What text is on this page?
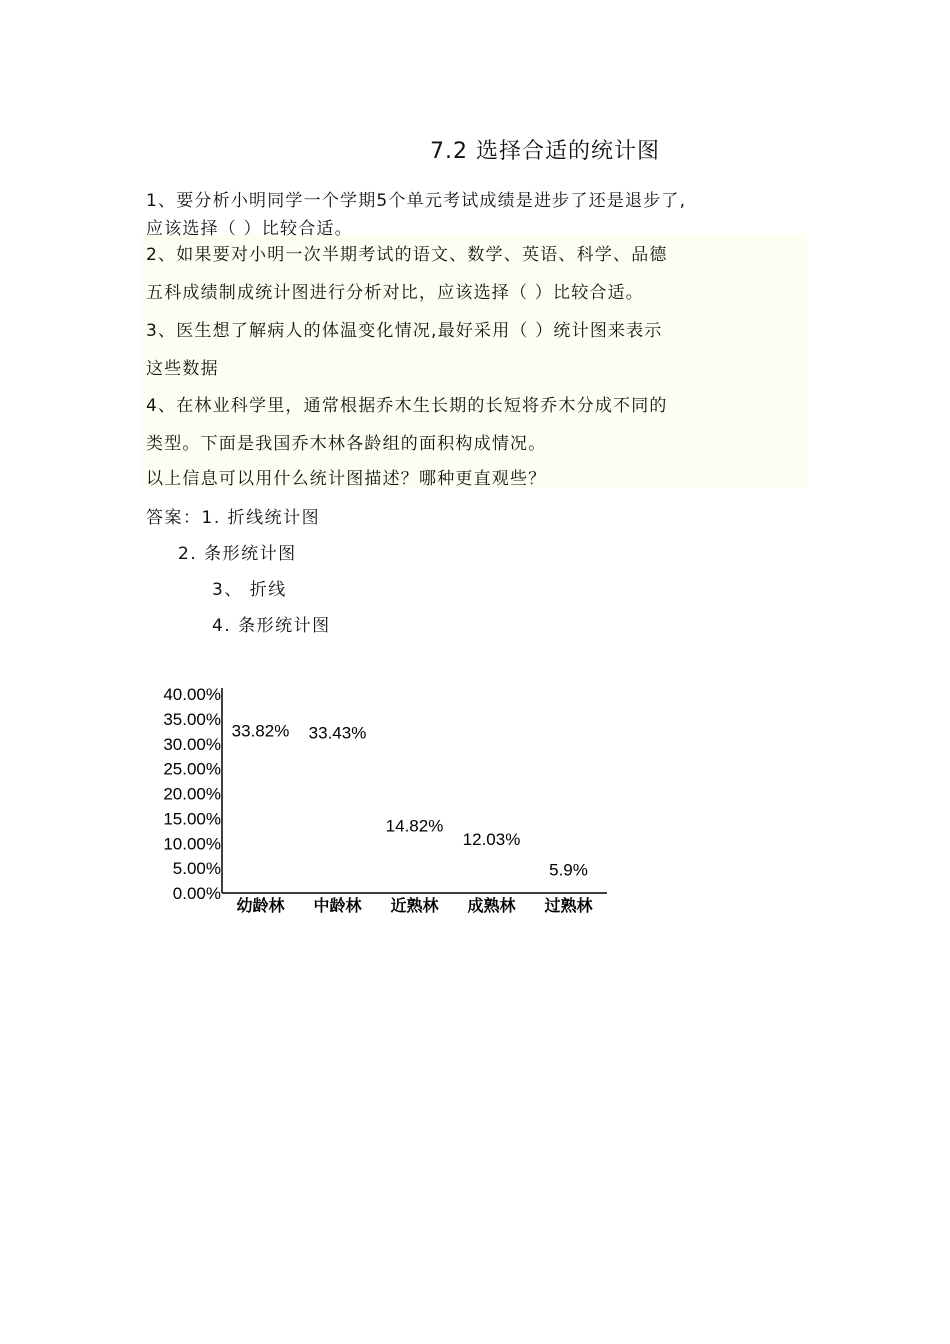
7.2 选择合适的统计图
1、要分析小明同学一个学期5个单元考试成绩是进步了还是退步了,
应该选择（ ）比较合适。
2、如果要对小明一次半期考试的语文、数学、英语、科学、品德
五科成绩制成统计图进行分析对比，应该选择（ ）比较合适。
3、医生想了解病人的体温变化情况,最好采用（ ）统计图来表示
这些数据
4、在林业科学里，通常根据乔木生长期的长短将乔木分成不同的
类型。下面是我国乔木林各龄组的面积构成情况。
以上信息可以用什么统计图描述？哪种更直观些？
答案：1. 折线统计图
2. 条形统计图
3、 折线
4. 条形统计图
0.00%
5.00%
10.00%
15.00%
20.00%
25.00%
30.00%
35.00%
40.00%
幼龄林
33.82%
中龄林
33.43%
近熟林
14.82%
成熟林
12.03%
过熟林
5.9%
